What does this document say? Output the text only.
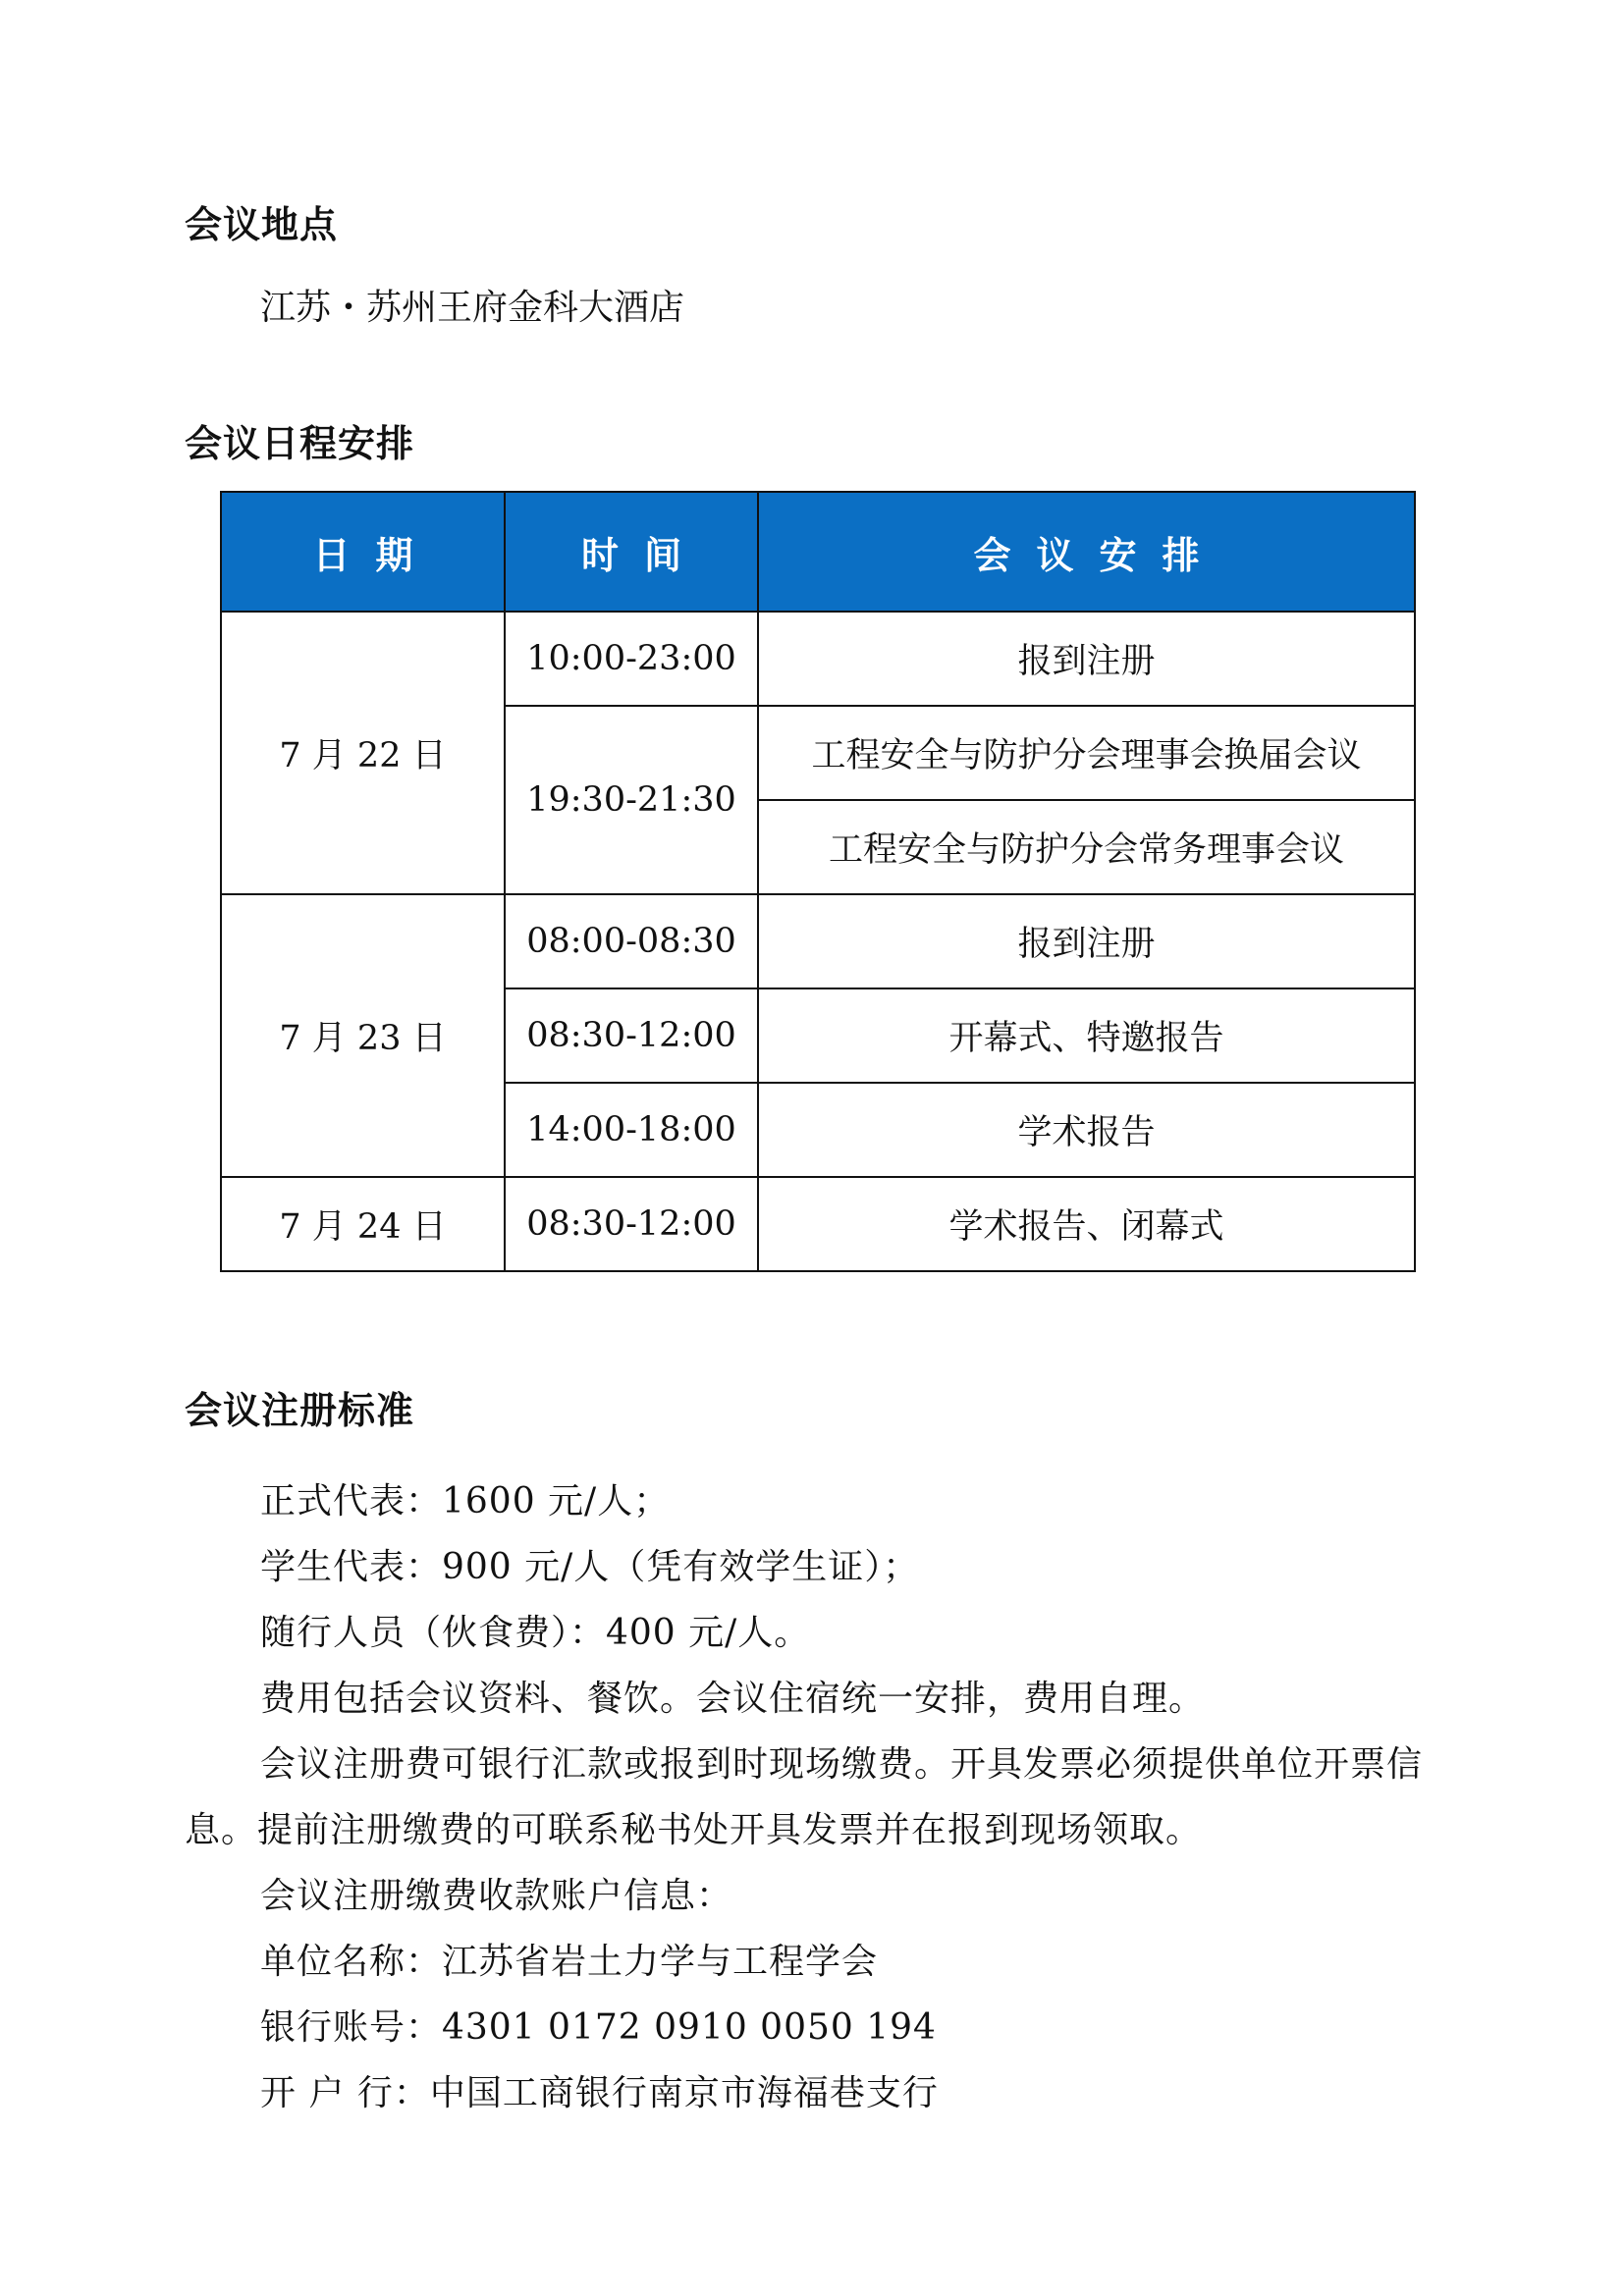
会议地点

江苏・苏州王府金科大酒店

会议日程安排
日期	时间	会议安排
7 月 22 日	10:00-23:00	报到注册
	19:30-21:30	工程安全与防护分会理事会换届会议
		工程安全与防护分会常务理事会议
7 月 23 日	08:00-08:30	报到注册
	08:30-12:00	开幕式、特邀报告
	14:00-18:00	学术报告
7 月 24 日	08:30-12:00	学术报告、闭幕式
会议注册标准

正式代表：1600 元/人；

学生代表：900 元/人（凭有效学生证）；

随行人员（伙食费）：400 元/人。

费用包括会议资料、餐饮。会议住宿统一安排，费用自理。

会议注册费可银行汇款或报到时现场缴费。开具发票必须提供单位开票信息。提前注册缴费的可联系秘书处开具发票并在报到现场领取。

会议注册缴费收款账户信息：

单位名称：江苏省岩土力学与工程学会

银行账号：4301 0172 0910 0050 194

开 户 行：中国工商银行南京市海福巷支行
